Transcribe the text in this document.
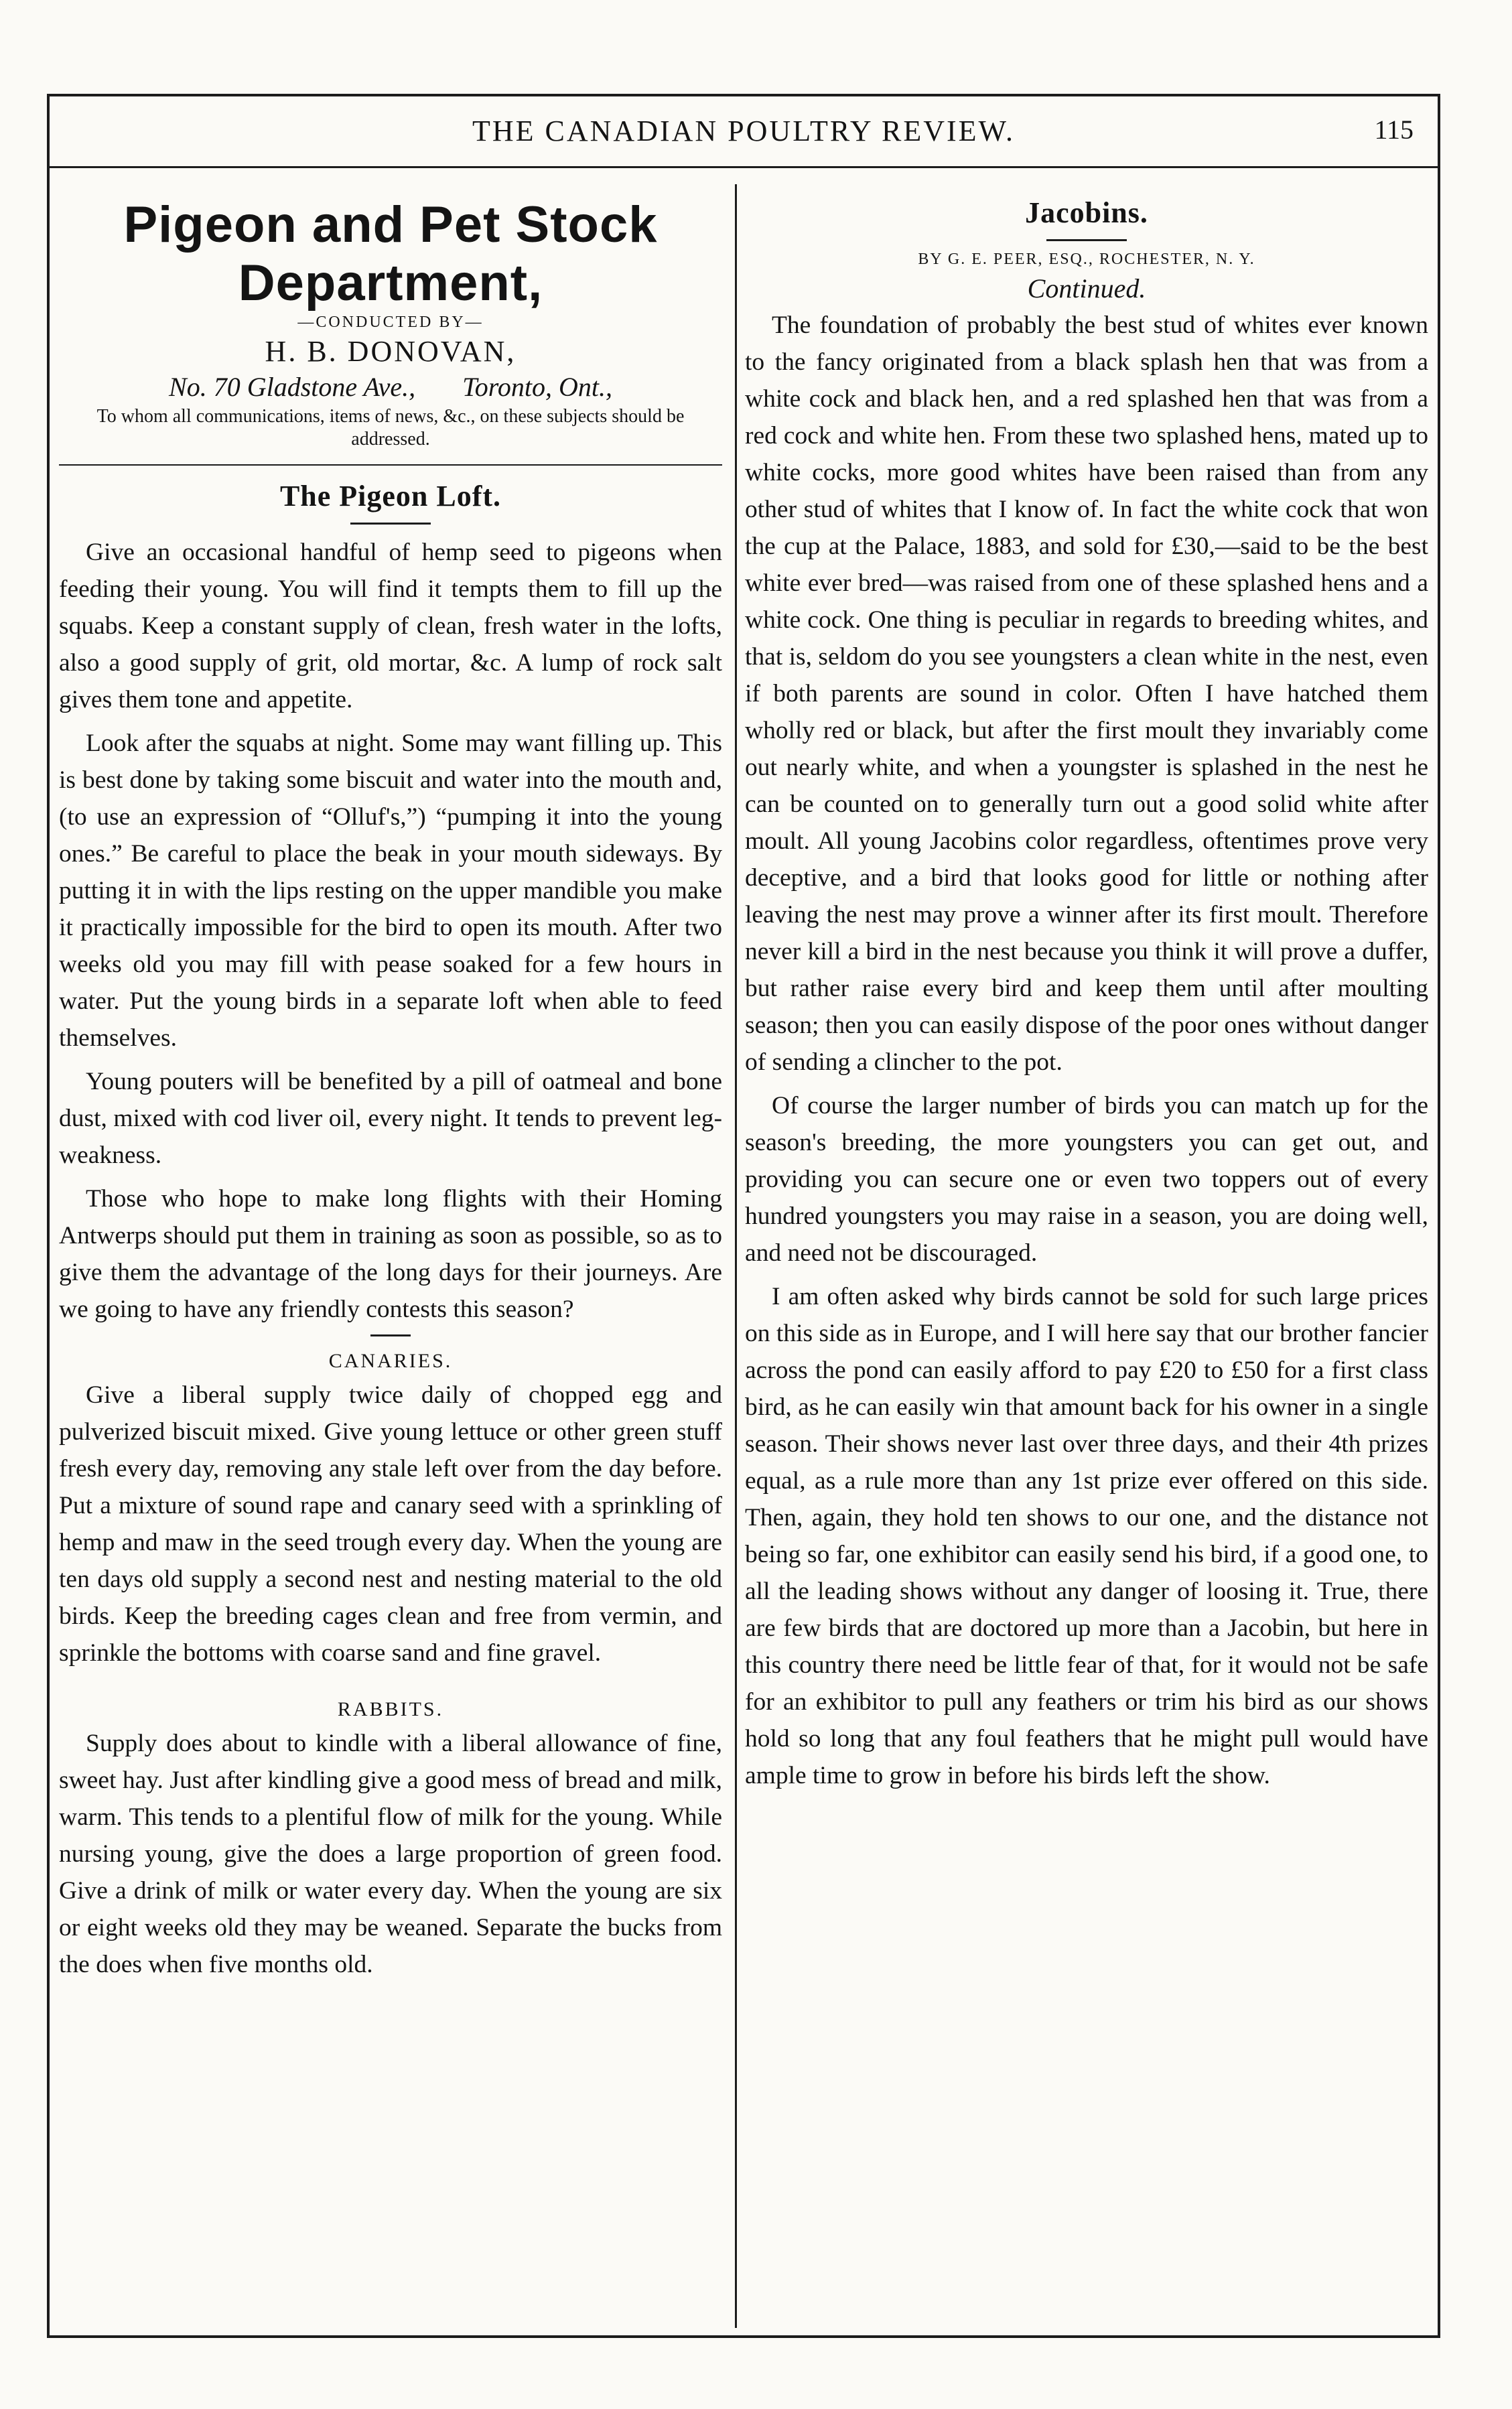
THE CANADIAN POULTRY REVIEW.	115
Pigeon and Pet Stock Department,
—CONDUCTED BY—
H. B. DONOVAN,
No. 70 Gladstone Ave., Toronto, Ont.,
To whom all communications, items of news, &c., on these subjects should be addressed.
The Pigeon Loft.

Give an occasional handful of hemp seed to pigeons when feeding their young. You will find it tempts them to fill up the squabs. Keep a constant supply of clean, fresh water in the lofts, also a good supply of grit, old mortar, &c. A lump of rock salt gives them tone and appetite.

Look after the squabs at night. Some may want filling up. This is best done by taking some biscuit and water into the mouth and, (to use an expression of “Olluf's,”) “pumping it into the young ones.” Be careful to place the beak in your mouth sideways. By putting it in with the lips resting on the upper mandible you make it practically impossible for the bird to open its mouth. After two weeks old you may fill with pease soaked for a few hours in water. Put the young birds in a separate loft when able to feed themselves.

Young pouters will be benefited by a pill of oatmeal and bone dust, mixed with cod liver oil, every night. It tends to prevent leg-weakness.

Those who hope to make long flights with their Homing Antwerps should put them in training as soon as possible, so as to give them the advantage of the long days for their journeys. Are we going to have any friendly contests this season?

CANARIES.

Give a liberal supply twice daily of chopped egg and pulverized biscuit mixed. Give young lettuce or other green stuff fresh every day, removing any stale left over from the day before. Put a mixture of sound rape and canary seed with a sprinkling of hemp and maw in the seed trough every day. When the young are ten days old supply a second nest and nesting material to the old birds. Keep the breeding cages clean and free from vermin, and sprinkle the bottoms with coarse sand and fine gravel.

RABBITS.

Supply does about to kindle with a liberal allowance of fine, sweet hay. Just after kindling give a good mess of bread and milk, warm. This tends to a plentiful flow of milk for the young. While nursing young, give the does a large proportion of green food. Give a drink of milk or water every day. When the young are six or eight weeks old they may be weaned. Separate the bucks from the does when five months old.

Jacobins.
BY G. E. PEER, ESQ., ROCHESTER, N. Y.
Continued.

The foundation of probably the best stud of whites ever known to the fancy originated from a black splash hen that was from a white cock and black hen, and a red splashed hen that was from a red cock and white hen. From these two splashed hens, mated up to white cocks, more good whites have been raised than from any other stud of whites that I know of. In fact the white cock that won the cup at the Palace, 1883, and sold for £30,—said to be the best white ever bred—was raised from one of these splashed hens and a white cock. One thing is peculiar in regards to breeding whites, and that is, seldom do you see youngsters a clean white in the nest, even if both parents are sound in color. Often I have hatched them wholly red or black, but after the first moult they invariably come out nearly white, and when a youngster is splashed in the nest he can be counted on to generally turn out a good solid white after moult. All young Jacobins color regardless, oftentimes prove very deceptive, and a bird that looks good for little or nothing after leaving the nest may prove a winner after its first moult. Therefore never kill a bird in the nest because you think it will prove a duffer, but rather raise every bird and keep them until after moulting season; then you can easily dispose of the poor ones without danger of sending a clincher to the pot.

Of course the larger number of birds you can match up for the season's breeding, the more youngsters you can get out, and providing you can secure one or even two toppers out of every hundred youngsters you may raise in a season, you are doing well, and need not be discouraged.

I am often asked why birds cannot be sold for such large prices on this side as in Europe, and I will here say that our brother fancier across the pond can easily afford to pay £20 to £50 for a first class bird, as he can easily win that amount back for his owner in a single season. Their shows never last over three days, and their 4th prizes equal, as a rule more than any 1st prize ever offered on this side. Then, again, they hold ten shows to our one, and the distance not being so far, one exhibitor can easily send his bird, if a good one, to all the leading shows without any danger of loosing it. True, there are few birds that are doctored up more than a Jacobin, but here in this country there need be little fear of that, for it would not be safe for an exhibitor to pull any feathers or trim his bird as our shows hold so long that any foul feathers that he might pull would have ample time to grow in before his birds left the show.
